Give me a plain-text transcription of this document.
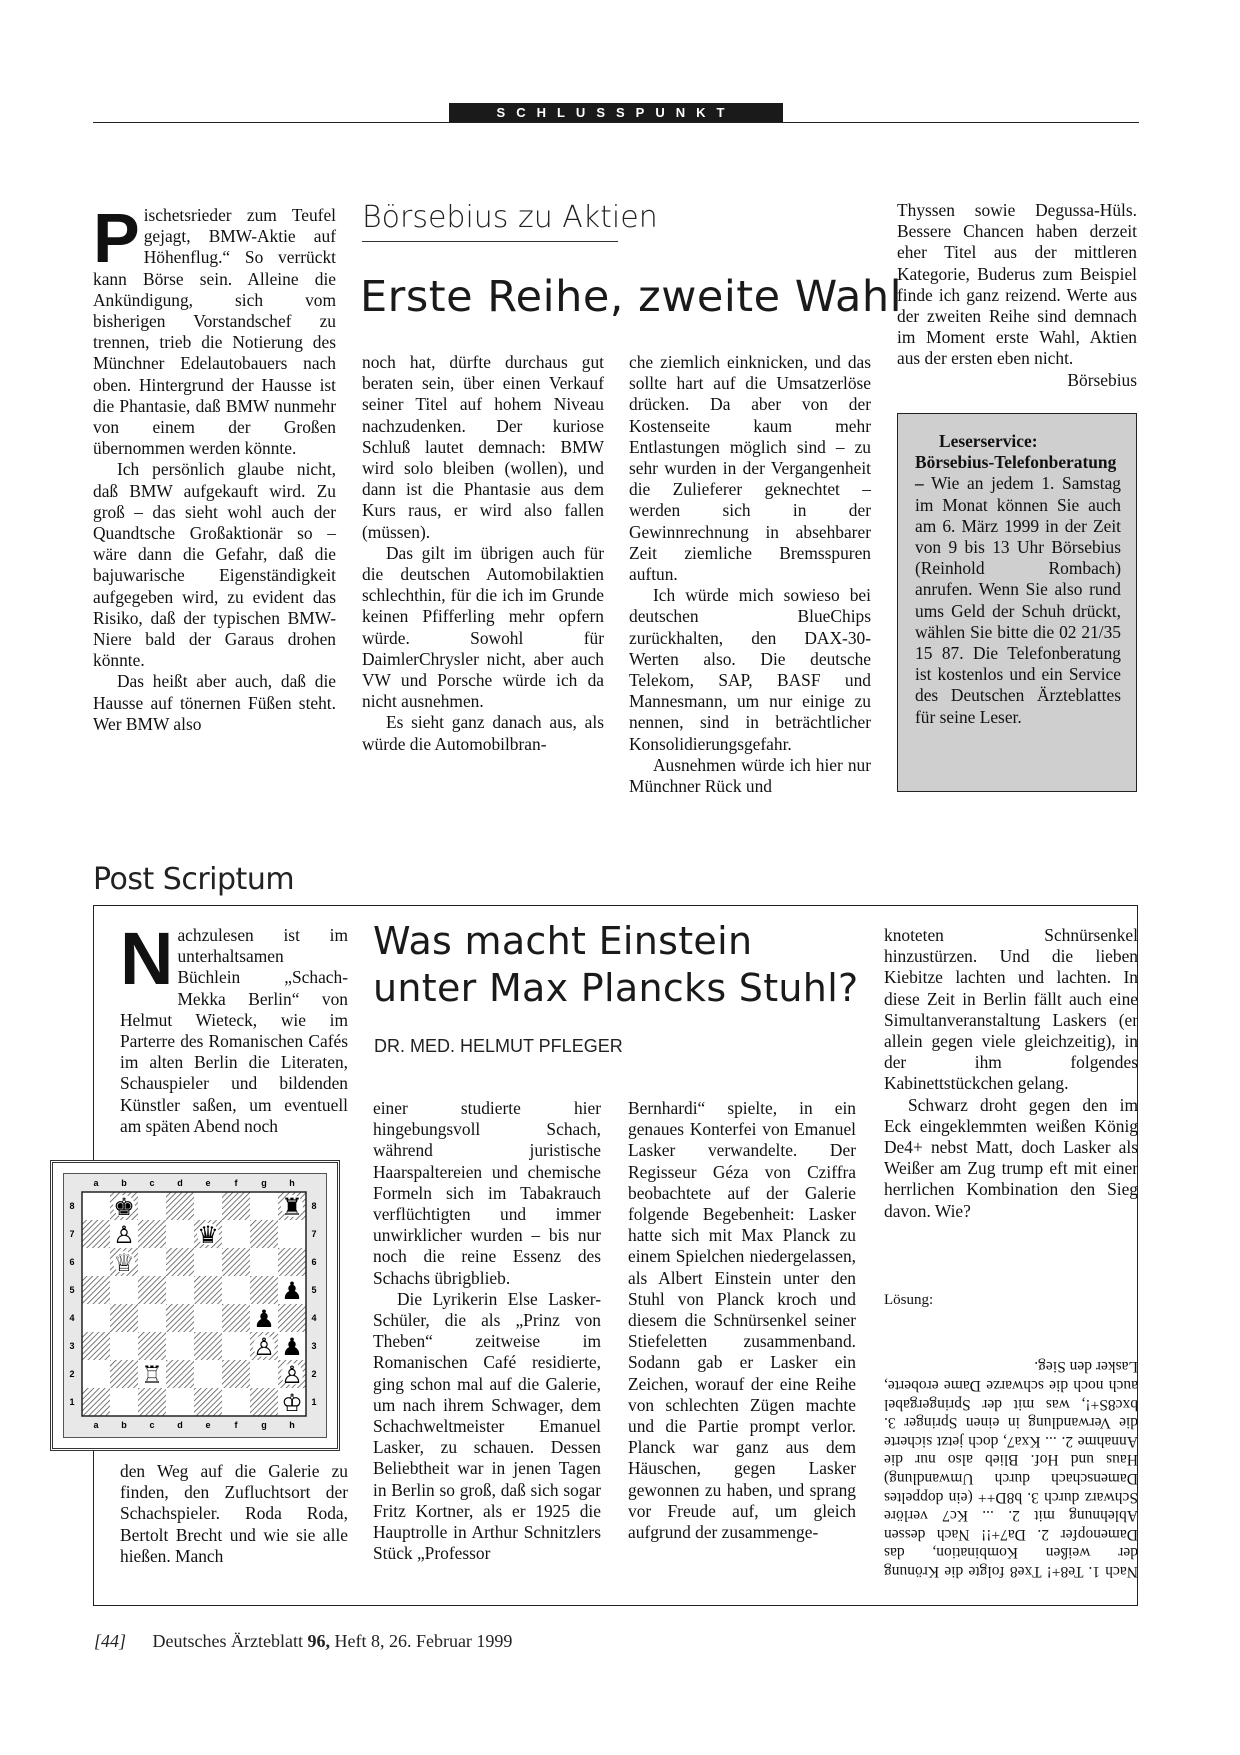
SCHLUSSPUNKT
Börsebius zu Aktien
Erste Reihe, zweite Wahl

Pischetsrieder zum Teufel gejagt, BMW-Aktie auf Höhenflug.“ So verrückt kann Börse sein. Alleine die Ankündigung, sich vom bisherigen Vorstandschef zu trennen, trieb die Notierung des Münchner Edelautobauers nach oben. Hintergrund der Hausse ist die Phantasie, daß BMW nunmehr von einem der Großen übernommen werden könnte.

Ich persönlich glaube nicht, daß BMW aufgekauft wird. Zu groß – das sieht wohl auch der Quandtsche Großaktionär so – wäre dann die Gefahr, daß die bajuwarische Eigenständigkeit aufgegeben wird, zu evident das Risiko, daß der typischen BMW-Niere bald der Garaus drohen könnte.

Das heißt aber auch, daß die Hausse auf tönernen Füßen steht. Wer BMW also

noch hat, dürfte durchaus gut beraten sein, über einen Verkauf seiner Titel auf hohem Niveau nachzudenken. Der kuriose Schluß lautet demnach: BMW wird solo bleiben (wollen), und dann ist die Phantasie aus dem Kurs raus, er wird also fallen (müssen).

Das gilt im übrigen auch für die deutschen Automobilaktien schlechthin, für die ich im Grunde keinen Pfifferling mehr opfern würde. Sowohl für DaimlerChrysler nicht, aber auch VW und Porsche würde ich da nicht ausnehmen.

Es sieht ganz danach aus, als würde die Automobilbran-

che ziemlich einknicken, und das sollte hart auf die Umsatzerlöse drücken. Da aber von der Kostenseite kaum mehr Entlastungen möglich sind – zu sehr wurden in der Vergangenheit die Zulieferer geknechtet – werden sich in der Gewinnrechnung in absehbarer Zeit ziemliche Bremsspuren auftun.

Ich würde mich sowieso bei deutschen BlueChips zurückhalten, den DAX-30-Werten also. Die deutsche Telekom, SAP, BASF und Mannesmann, um nur einige zu nennen, sind in beträchtlicher Konsolidierungsgefahr.

Ausnehmen würde ich hier nur Münchner Rück und

Thyssen sowie Degussa-Hüls. Bessere Chancen haben derzeit eher Titel aus der mittleren Kategorie, Buderus zum Beispiel finde ich ganz reizend. Werte aus der zweiten Reihe sind demnach im Moment erste Wahl, Aktien aus der ersten eben nicht.
Börsebius

Leserservice: Börsebius-Telefonberatung – Wie an jedem 1. Samstag im Monat können Sie auch am 6. März 1999 in der Zeit von 9 bis 13 Uhr Börsebius (Reinhold Rombach) anrufen. Wenn Sie also rund ums Geld der Schuh drückt, wählen Sie bitte die 02 21/35 15 87. Die Telefonberatung ist kostenlos und ein Service des Deutschen Ärzteblattes für seine Leser.

Post Scriptum
Was macht Einstein
unter Max Plancks Stuhl?
DR. MED. HELMUT PFLEGER

Nachzulesen ist im unterhaltsamen Büchlein „Schach-Mekka Berlin“ von Helmut Wieteck, wie im Parterre des Romanischen Cafés im alten Berlin die Literaten, Schauspieler und bildenden Künstler saßen, um eventuell am späten Abend noch

den Weg auf die Galerie zu finden, den Zufluchtsort der Schachspieler. Roda Roda, Bertolt Brecht und wie sie alle hießen. Manch

einer studierte hier hingebungsvoll Schach, während juristische Haarspaltereien und chemische Formeln sich im Tabakrauch verflüchtigten und immer unwirklicher wurden – bis nur noch die reine Essenz des Schachs übrigblieb.

Die Lyrikerin Else Lasker-Schüler, die als „Prinz von Theben“ zeitweise im Romanischen Café residierte, ging schon mal auf die Galerie, um nach ihrem Schwager, dem Schachweltmeister Emanuel Lasker, zu schauen. Dessen Beliebtheit war in jenen Tagen in Berlin so groß, daß sich sogar Fritz Kortner, als er 1925 die Hauptrolle in Arthur Schnitzlers Stück „Professor

Bernhardi“ spielte, in ein genaues Konterfei von Emanuel Lasker verwandelte. Der Regisseur Géza von Cziffra beobachtete auf der Galerie folgende Begebenheit: Lasker hatte sich mit Max Planck zu einem Spielchen niedergelassen, als Albert Einstein unter den Stuhl von Planck kroch und diesem die Schnürsenkel seiner Stiefeletten zusammenband. Sodann gab er Lasker ein Zeichen, worauf der eine Reihe von schlechten Zügen machte und die Partie prompt verlor. Planck war ganz aus dem Häuschen, gegen Lasker gewonnen zu haben, und sprang vor Freude auf, um gleich aufgrund der zusammenge-

knoteten Schnürsenkel hinzustürzen. Und die lieben Kiebitze lachten und lachten. In diese Zeit in Berlin fällt auch eine Simultanveranstaltung Laskers (er allein gegen viele gleichzeitig), in der ihm folgendes Kabinettstückchen gelang.

Schwarz droht gegen den im Eck eingeklemmten weißen König De4+ nebst Matt, doch Lasker als Weißer am Zug trump eft mit einer herrlichen Kombination den Sieg davon. Wie?

Lösung:

Nach 1. Te8+! Txe8 folgte die Krönung der weißen Kombination, das Damenopfer 2. Da7+!! Nach dessen Ablehnung mit 2. ... Kc7 verlöre Schwarz durch 3. b8D++ (ein doppeltes Damenschach durch Umwandlung) Haus und Hof. Blieb also nur die Annahme 2. ... Kxa7, doch jetzt sicherte die Verwandlung in einen Springer 3. bxc8S+!, was mit der Springergabel auch noch die schwarze Dame eroberte, Lasker den Sieg.

a
a
b
b
c
c
d
d
e
e
f
f
g
g
h
h
8	8
7	7
6	6
5	5
4	4
3	3
2	2
1	1
♚	♜
♙	♛
♕
♟
♟
♙ ♟
♖	♙
♔
[44] Deutsches Ärzteblatt 96, Heft 8, 26. Februar 1999
